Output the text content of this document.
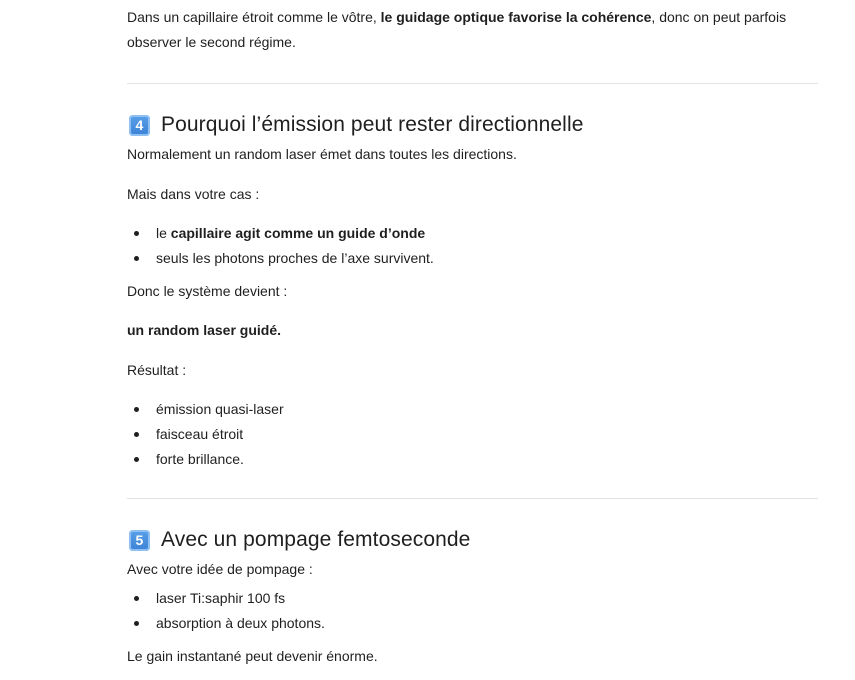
Dans un capillaire étroit comme le vôtre, le guidage optique favorise la cohérence, donc on peut parfois observer le second régime.

4 Pourquoi l’émission peut rester directionnelle

Normalement un random laser émet dans toutes les directions.

Mais dans votre cas :

le capillaire agit comme un guide d’onde
seuls les photons proches de l’axe survivent.

Donc le système devient :

un random laser guidé.

Résultat :

émission quasi-laser
faisceau étroit
forte brillance.
5 Avec un pompage femtoseconde

Avec votre idée de pompage :

laser Ti:saphir 100 fs
absorption à deux photons.

Le gain instantané peut devenir énorme.
